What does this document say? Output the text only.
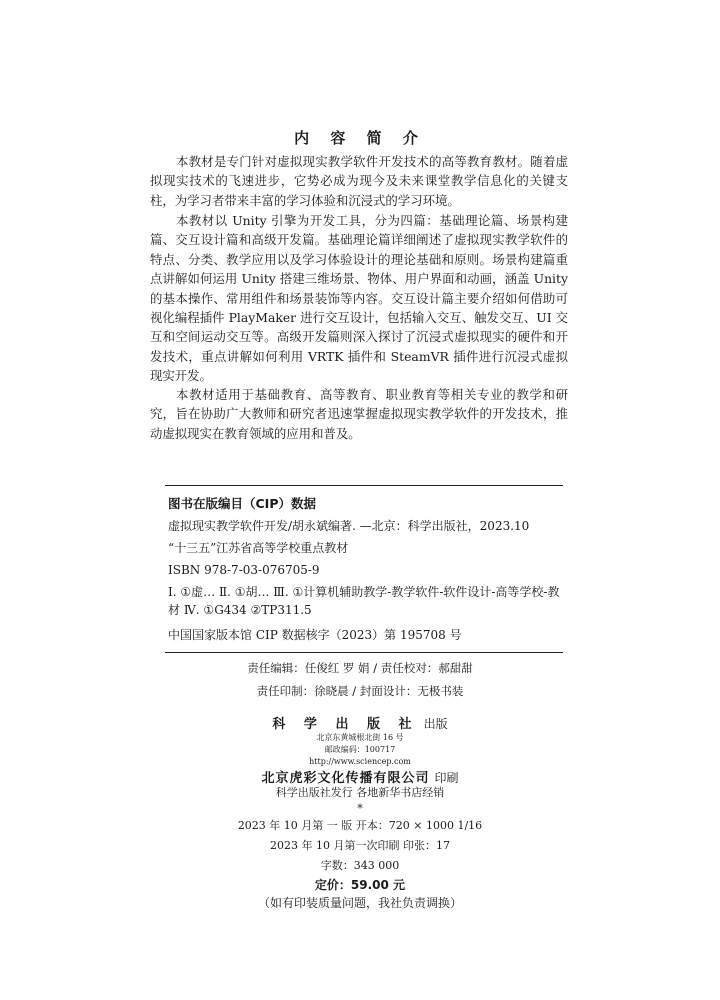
内 容 简 介
本教材是专门针对虚拟现实教学软件开发技术的高等教育教材。随着虚拟现实技术的飞速进步，它势必成为现今及未来课堂教学信息化的关键支柱，为学习者带来丰富的学习体验和沉浸式的学习环境。
本教材以 Unity 引擎为开发工具，分为四篇：基础理论篇、场景构建篇、交互设计篇和高级开发篇。基础理论篇详细阐述了虚拟现实教学软件的特点、分类、教学应用以及学习体验设计的理论基础和原则。场景构建篇重点讲解如何运用 Unity 搭建三维场景、物体、用户界面和动画，涵盖 Unity 的基本操作、常用组件和场景装饰等内容。交互设计篇主要介绍如何借助可视化编程插件 PlayMaker 进行交互设计，包括输入交互、触发交互、UI 交互和空间运动交互等。高级开发篇则深入探讨了沉浸式虚拟现实的硬件和开发技术，重点讲解如何利用 VRTK 插件和 SteamVR 插件进行沉浸式虚拟现实开发。
本教材适用于基础教育、高等教育、职业教育等相关专业的教学和研究，旨在协助广大教师和研究者迅速掌握虚拟现实教学软件的开发技术，推动虚拟现实在教育领域的应用和普及。
图书在版编目（CIP）数据
虚拟现实教学软件开发/胡永斌编著. —北京：科学出版社，2023.10
“十三五”江苏省高等学校重点教材
ISBN 978-7-03-076705-9
Ⅰ. ①虚… Ⅱ. ①胡… Ⅲ. ①计算机辅助教学-教学软件-软件设计-高等学校-教材 Ⅳ. ①G434 ②TP311.5
中国国家版本馆 CIP 数据核字（2023）第 195708 号
责任编辑：任俊红 罗 娟 / 责任校对：郝甜甜
责任印制：徐晓晨 / 封面设计：无极书装
科 学 出 版 社 出版
北京东黄城根北街 16 号
邮政编码：100717
http://www.sciencep.com
北京虎彩文化传播有限公司 印刷
科学出版社发行 各地新华书店经销
*
2023 年 10 月第 一 版 开本：720 × 1000 1/16
2023 年 10 月第一次印刷 印张：17
字数：343 000
定价：59.00 元
（如有印装质量问题，我社负责调换）
